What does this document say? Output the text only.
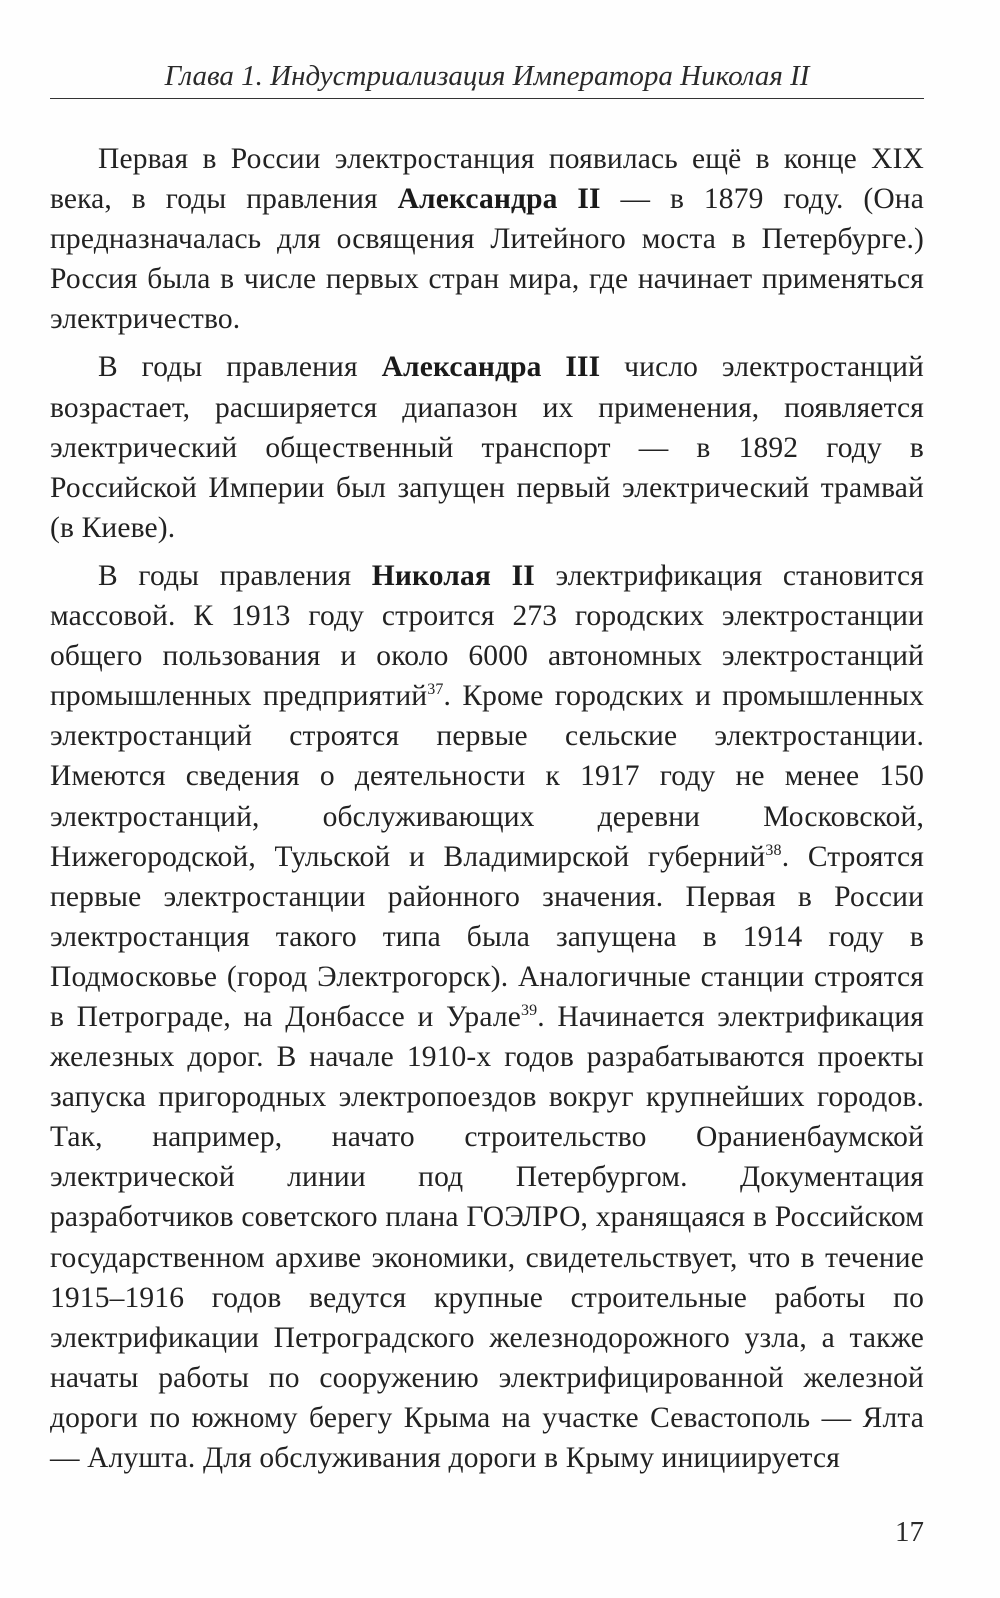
Глава 1. Индустриализация Императора Николая II

Первая в России электростанция появилась ещё в конце XIX века, в годы правления Александра II — в 1879 году. (Она предназначалась для освящения Литейного моста в Петербурге.) Россия была в числе первых стран мира, где начинает применяться электричество.

В годы правления Александра III число электростанций возрастает, расширяется диапазон их применения, появляется электрический общественный транспорт — в 1892 году в Российской Империи был запущен первый электрический трамвай (в Киеве).

В годы правления Николая II электрификация становится массовой. К 1913 году строится 273 городских электростанции общего пользования и около 6000 автономных электростанций промышленных предприятий$^{37}$. Кроме городских и промышленных электростанций строятся первые сельские электростанции. Имеются сведения о деятельности к 1917 году не менее 150 электростанций, обслуживающих деревни Московской, Нижегородской, Тульской и Владимирской губерний$^{38}$. Строятся первые электростанции районного значения. Первая в России электростанция такого типа была запущена в 1914 году в Подмосковье (город Электрогорск). Аналогичные станции строятся в Петрограде, на Донбассе и Урале$^{39}$. Начинается электрификация железных дорог. В начале 1910-х годов разрабатываются проекты запуска пригородных электропоездов вокруг крупнейших городов. Так, например, начато строительство Ораниенбаумской электрической линии под Петербургом. Документация разработчиков советского плана ГОЭЛРО, хранящаяся в Российском государственном архиве экономики, свидетельствует, что в течение 1915–1916 годов ведутся крупные строительные работы по электрификации Петроградского железнодорожного узла, а также начаты работы по сооружению электрифицированной железной дороги по южному берегу Крыма на участке Севастополь — Ялта — Алушта. Для обслуживания дороги в Крыму инициируется

17
